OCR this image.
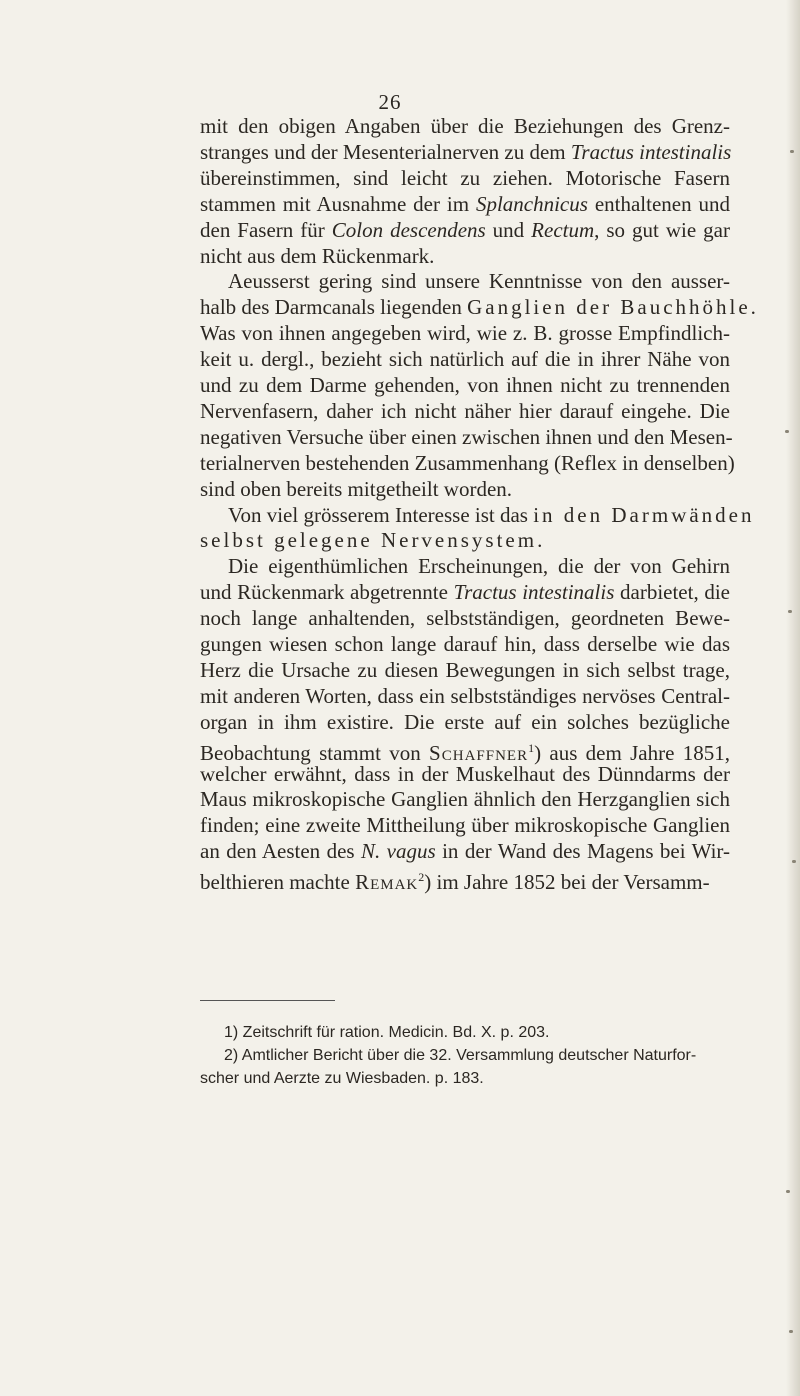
26
mit den obigen Angaben über die Beziehungen des Grenz-
stranges und der Mesenterialnerven zu dem Tractus intestinalis
übereinstimmen, sind leicht zu ziehen. Motorische Fasern
stammen mit Ausnahme der im Splanchnicus enthaltenen und
den Fasern für Colon descendens und Rectum, so gut wie gar
nicht aus dem Rückenmark.
Aeusserst gering sind unsere Kenntnisse von den ausser-
halb des Darmcanals liegenden Ganglien der Bauchhöhle.
Was von ihnen angegeben wird, wie z. B. grosse Empfindlich-
keit u. dergl., bezieht sich natürlich auf die in ihrer Nähe von
und zu dem Darme gehenden, von ihnen nicht zu trennenden
Nervenfasern, daher ich nicht näher hier darauf eingehe. Die
negativen Versuche über einen zwischen ihnen und den Mesen-
terialnerven bestehenden Zusammenhang (Reflex in denselben)
sind oben bereits mitgetheilt worden.
Von viel grösserem Interesse ist das in den Darmwänden
selbst gelegene Nervensystem.
Die eigenthümlichen Erscheinungen, die der von Gehirn
und Rückenmark abgetrennte Tractus intestinalis darbietet, die
noch lange anhaltenden, selbstständigen, geordneten Bewe-
gungen wiesen schon lange darauf hin, dass derselbe wie das
Herz die Ursache zu diesen Bewegungen in sich selbst trage,
mit anderen Worten, dass ein selbstständiges nervöses Central-
organ in ihm existire. Die erste auf ein solches bezügliche
Beobachtung stammt von Schaffner$^1$) aus dem Jahre 1851,
welcher erwähnt, dass in der Muskelhaut des Dünndarms der
Maus mikroskopische Ganglien ähnlich den Herzganglien sich
finden; eine zweite Mittheilung über mikroskopische Ganglien
an den Aesten des N. vagus in der Wand des Magens bei Wir-
belthieren machte Remak$^2$) im Jahre 1852 bei der Versamm-
1) Zeitschrift für ration. Medicin. Bd. X. p. 203.
2) Amtlicher Bericht über die 32. Versammlung deutscher Naturfor-
scher und Aerzte zu Wiesbaden. p. 183.
